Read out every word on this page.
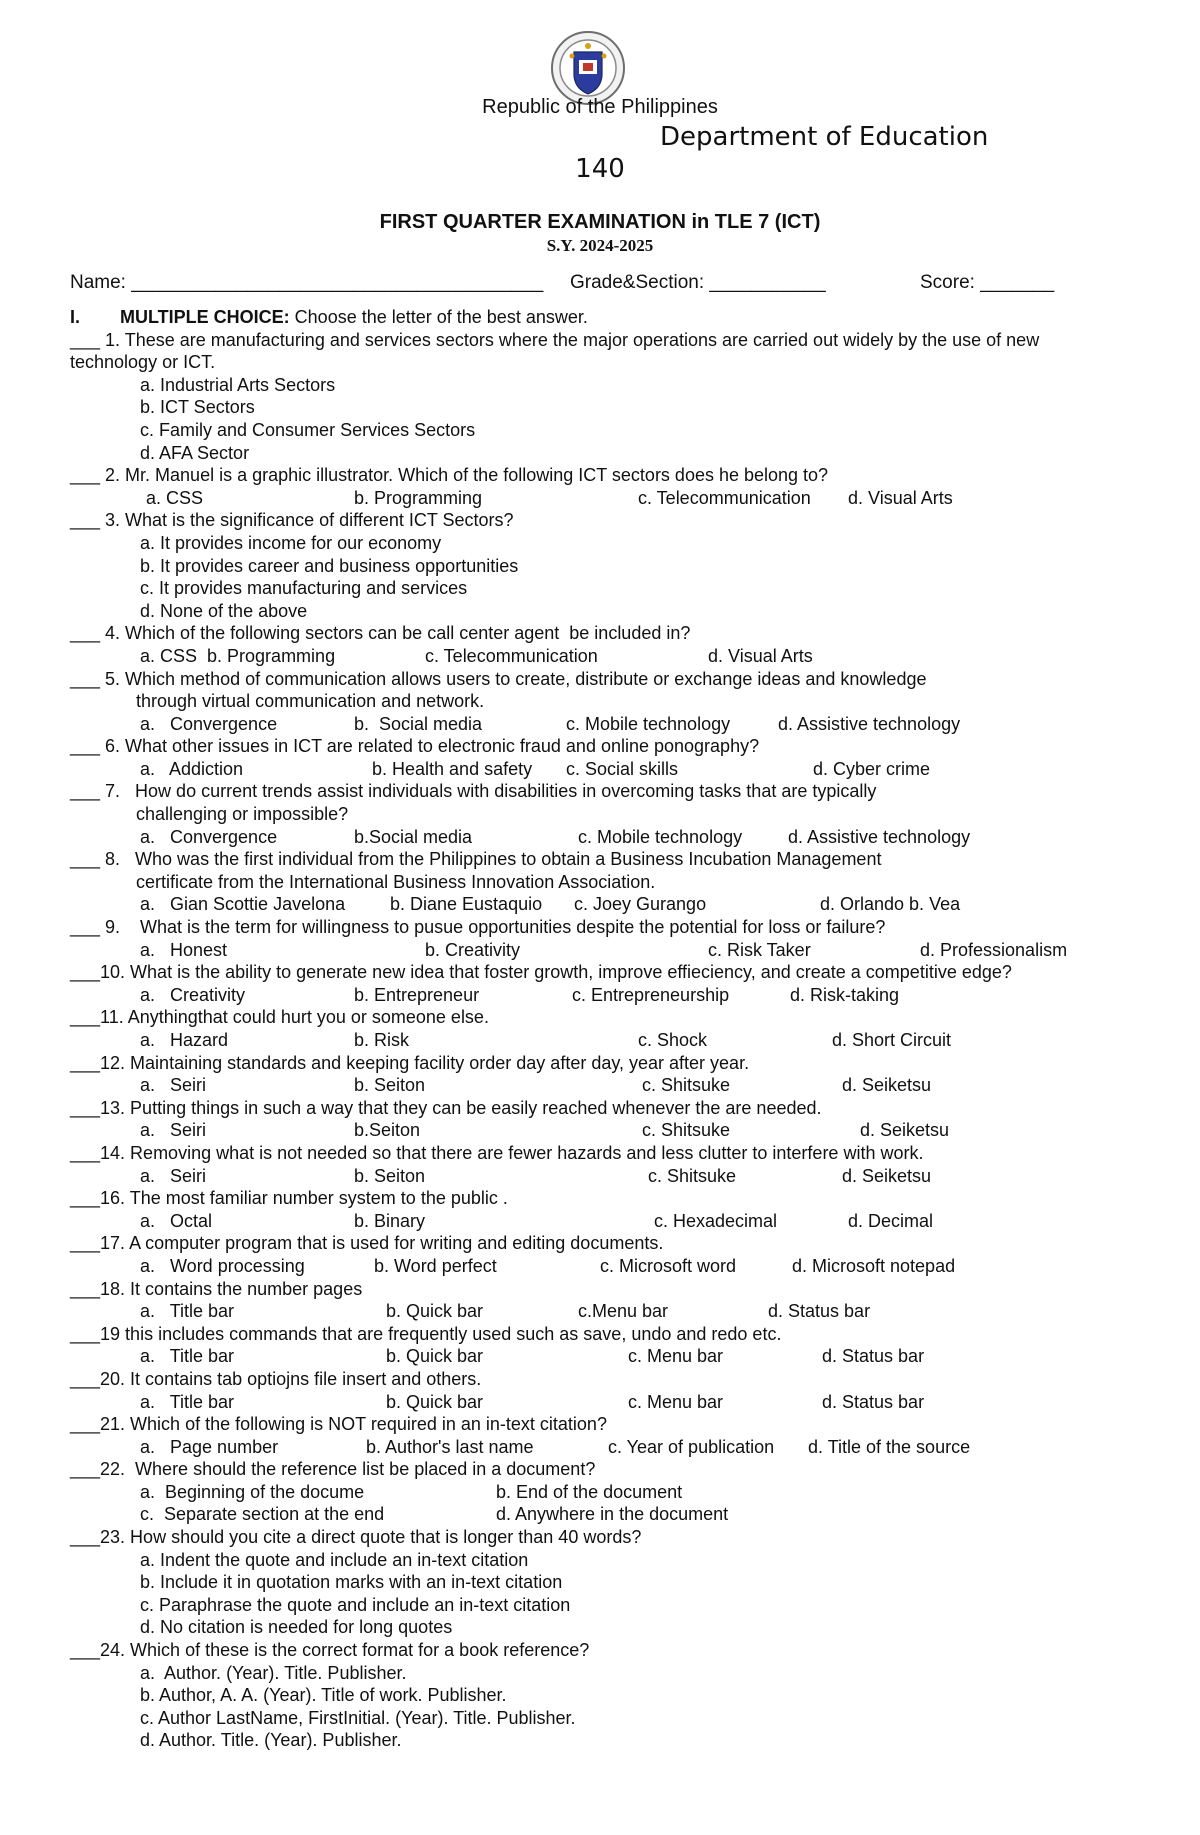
Republic of the Philippines
Department of Education
140
FIRST QUARTER EXAMINATION in TLE 7 (ICT)
S.Y. 2024-2025
Name: _______________________________________ Grade&Section: ___________	Score: _______
I. MULTIPLE CHOICE: Choose the letter of the best answer.
___ 1. These are manufacturing and services sectors where the major operations are carried out widely by the use of new
technology or ICT.
a. Industrial Arts Sectors
b. ICT Sectors
c. Family and Consumer Services Sectors
d. AFA Sector
___ 2. Mr. Manuel is a graphic illustrator. Which of the following ICT sectors does he belong to?
a. CSS	b. Programming	c. Telecommunication d. Visual Arts
___ 3. What is the significance of different ICT Sectors?
a. It provides income for our economy
b. It provides career and business opportunities
c. It provides manufacturing and services
d. None of the above
___ 4. Which of the following sectors can be call center agent  be included in?
a. CSS  b. Programming	c. Telecommunication	d. Visual Arts
___ 5. Which method of communication allows users to create, distribute or exchange ideas and knowledge
through virtual communication and network.
a.   Convergence	b.  Social media	c. Mobile technology	d. Assistive technology
___ 6. What other issues in ICT are related to electronic fraud and online ponography?
a.   Addiction	b. Health and safety c. Social skills	d. Cyber crime
___ 7.   How do current trends assist individuals with disabilities in overcoming tasks that are typically
challenging or impossible?
a.   Convergence	b.Social media	c. Mobile technology	d. Assistive technology
___ 8.   Who was the first individual from the Philippines to obtain a Business Incubation Management
certificate from the International Business Innovation Association.
a.   Gian Scottie Javelona b. Diane Eustaquio c. Joey Gurango	d. Orlando b. Vea
___ 9.    What is the term for willingness to pusue opportunities despite the potential for loss or failure?
a.   Honest	b. Creativity	c. Risk Taker	d. Professionalism
___10. What is the ability to generate new idea that foster growth, improve effieciency, and create a competitive edge?
a.   Creativity	b. Entrepreneur	c. Entrepreneurship	d. Risk-taking
___11. Anythingthat could hurt you or someone else.
a.   Hazard	b. Risk	c. Shock	d. Short Circuit
___12. Maintaining standards and keeping facility order day after day, year after year.
a.   Seiri	b. Seiton	c. Shitsuke	d. Seiketsu
___13. Putting things in such a way that they can be easily reached whenever the are needed.
a.   Seiri	b.Seiton	c. Shitsuke	d. Seiketsu
___14. Removing what is not needed so that there are fewer hazards and less clutter to interfere with work.
a.   Seiri	b. Seiton	c. Shitsuke	d. Seiketsu
___16. The most familiar number system to the public .
a.   Octal	b. Binary	c. Hexadecimal	d. Decimal
___17. A computer program that is used for writing and editing documents.
a.   Word processing	b. Word perfect	c. Microsoft word	d. Microsoft notepad
___18. It contains the number pages
a.   Title bar	b. Quick bar	c.Menu bar	d. Status bar
___19 this includes commands that are frequently used such as save, undo and redo etc.
a.   Title bar	b. Quick bar	c. Menu bar	d. Status bar
___20. It contains tab optiojns file insert and others.
a.   Title bar	b. Quick bar	c. Menu bar	d. Status bar
___21. Which of the following is NOT required in an in-text citation?
a.   Page number	b. Author's last name	c. Year of publication d. Title of the source
___22.  Where should the reference list be placed in a document?
a.  Beginning of the docume	b. End of the document
c.  Separate section at the end	d. Anywhere in the document
___23. How should you cite a direct quote that is longer than 40 words?
a. Indent the quote and include an in-text citation
b. Include it in quotation marks with an in-text citation
c. Paraphrase the quote and include an in-text citation
d. No citation is needed for long quotes
___24. Which of these is the correct format for a book reference?
a.  Author. (Year). Title. Publisher.
b. Author, A. A. (Year). Title of work. Publisher.
c. Author LastName, FirstInitial. (Year). Title. Publisher.
d. Author. Title. (Year). Publisher.
